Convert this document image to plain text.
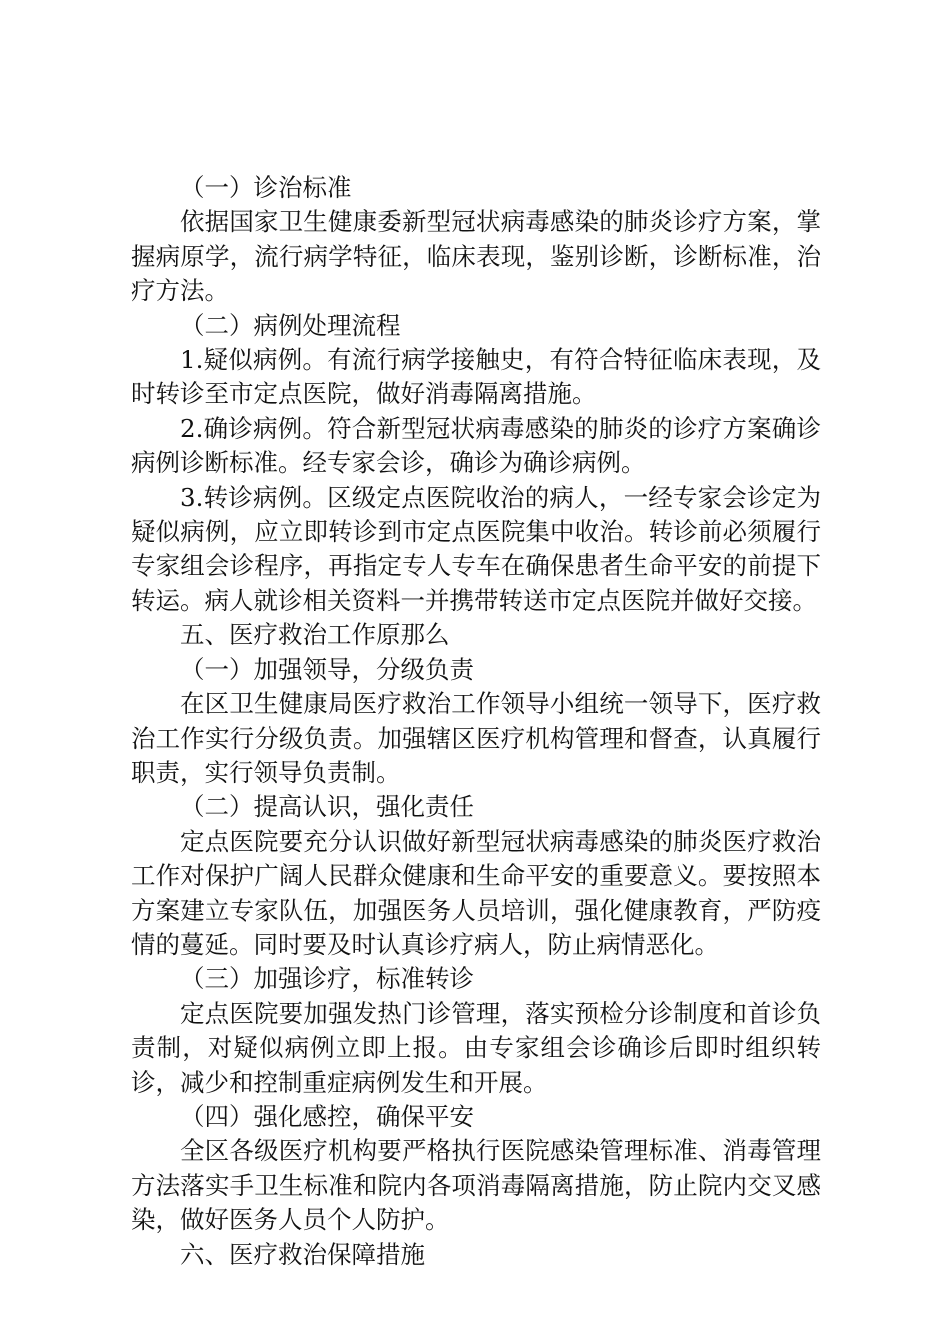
（一）诊治标准

依据国家卫生健康委新型冠状病毒感染的肺炎诊疗方案，掌握病原学，流行病学特征，临床表现，鉴别诊断，诊断标准，治疗方法。

（二）病例处理流程

1.疑似病例。有流行病学接触史，有符合特征临床表现，及时转诊至市定点医院，做好消毒隔离措施。

2.确诊病例。符合新型冠状病毒感染的肺炎的诊疗方案确诊病例诊断标准。经专家会诊，确诊为确诊病例。

3.转诊病例。区级定点医院收治的病人，一经专家会诊定为疑似病例，应立即转诊到市定点医院集中收治。转诊前必须履行专家组会诊程序，再指定专人专车在确保患者生命平安的前提下转运。病人就诊相关资料一并携带转送市定点医院并做好交接。

五、医疗救治工作原那么

（一）加强领导，分级负责

在区卫生健康局医疗救治工作领导小组统一领导下，医疗救治工作实行分级负责。加强辖区医疗机构管理和督查，认真履行职责，实行领导负责制。

（二）提高认识，强化责任

定点医院要充分认识做好新型冠状病毒感染的肺炎医疗救治工作对保护广阔人民群众健康和生命平安的重要意义。要按照本方案建立专家队伍，加强医务人员培训，强化健康教育，严防疫情的蔓延。同时要及时认真诊疗病人，防止病情恶化。

（三）加强诊疗，标准转诊

定点医院要加强发热门诊管理，落实预检分诊制度和首诊负责制，对疑似病例立即上报。由专家组会诊确诊后即时组织转诊，减少和控制重症病例发生和开展。

（四）强化感控，确保平安

全区各级医疗机构要严格执行医院感染管理标准、消毒管理方法落实手卫生标准和院内各项消毒隔离措施，防止院内交叉感染，做好医务人员个人防护。

六、医疗救治保障措施
